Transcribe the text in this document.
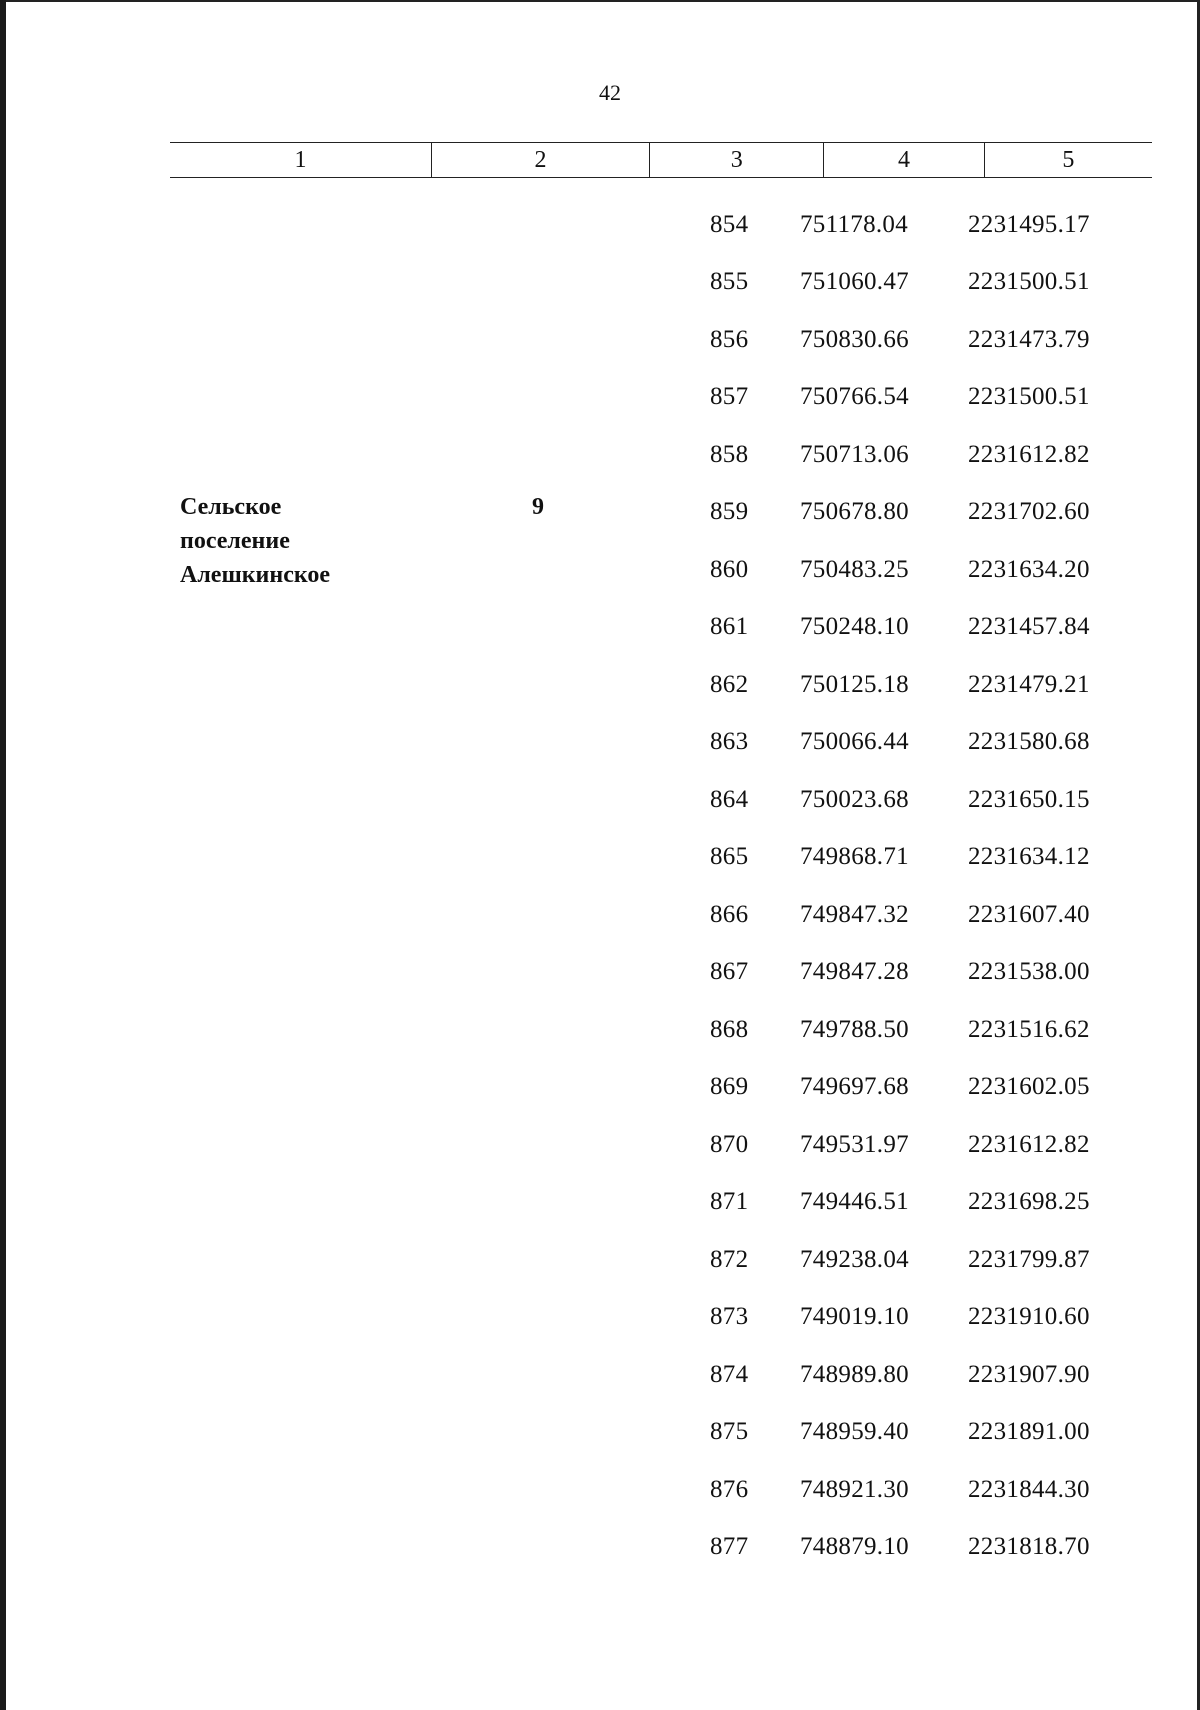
42
1	2	3	4	5
Сельское
поселение
Алешкинское
9
854	751178.04	2231495.17
855	751060.47	2231500.51
856	750830.66	2231473.79
857	750766.54	2231500.51
858	750713.06	2231612.82
859	750678.80	2231702.60
860	750483.25	2231634.20
861	750248.10	2231457.84
862	750125.18	2231479.21
863	750066.44	2231580.68
864	750023.68	2231650.15
865	749868.71	2231634.12
866	749847.32	2231607.40
867	749847.28	2231538.00
868	749788.50	2231516.62
869	749697.68	2231602.05
870	749531.97	2231612.82
871	749446.51	2231698.25
872	749238.04	2231799.87
873	749019.10	2231910.60
874	748989.80	2231907.90
875	748959.40	2231891.00
876	748921.30	2231844.30
877	748879.10	2231818.70
